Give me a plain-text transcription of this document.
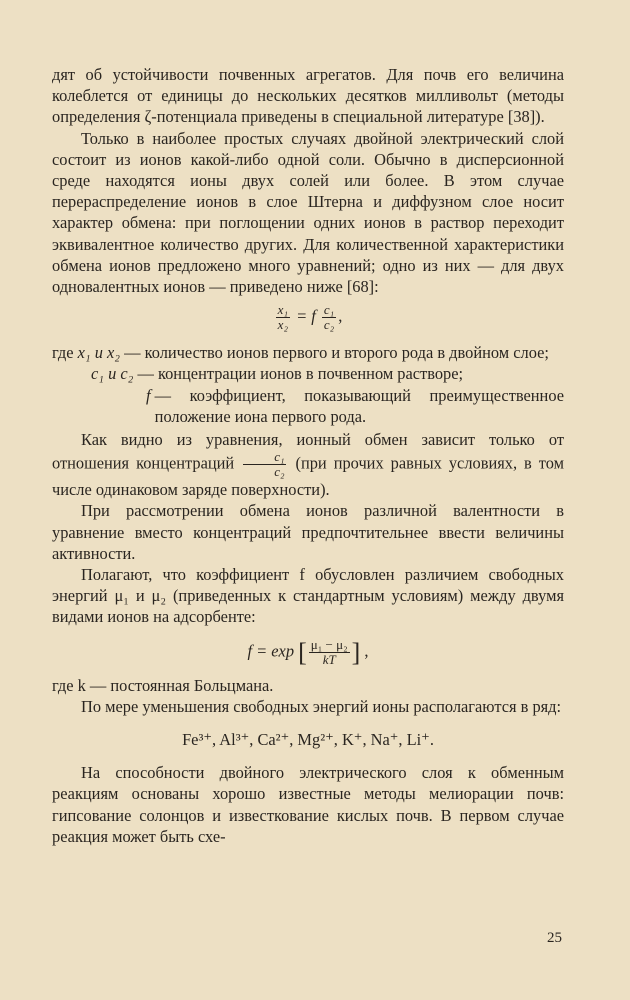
дят об устойчивости почвенных агрегатов. Для почв его величина колеблется от единицы до нескольких десятков милливольт (методы определения ζ-потенциала приведены в специальной литературе [38]).

Только в наиболее простых случаях двойной электрический слой состоит из ионов какой-либо одной соли. Обычно в дисперсионной среде находятся ионы двух солей или более. В этом случае перераспределение ионов в слое Штерна и диффузном слое носит характер обмена: при поглощении одних ионов в раствор переходит эквивалентное количество других. Для количественной характеристики обмена ионов предложено много уравнений; одно из них — для двух одновалентных ионов — приведено ниже [68]:

$\frac{\text{x₁}}{\text{x₂}} = f \frac{\text{c₁}}{\text{c₂}}$ ,
где x₁ и x₂ — количество ионов первого и второго рода в двойном слое;
c₁ и c₂ — концентрации ионов в почвенном растворе;
f — коэффициент, показывающий преимущественное положение иона первого рода.

Как видно из уравнения, ионный обмен зависит только от отношения концентраций $\frac{\text{c₁}}{\text{c₂}} (при$ прочих равных условиях, в том числе одинаковом заряде поверхности).

При рассмотрении обмена ионов различной валентности в уравнение вместо концентраций предпочтительнее ввести величины активности.

Полагают, что коэффициент f обусловлен различием свободных энергий μ₁ и μ₂ (приведенных к стандартным условиям) между двумя видами ионов на адсорбенте:

f = exp [ $\frac{\text{μ₁ − μ₂}}{kT}$ ] ,

где k — постоянная Больцмана.

По мере уменьшения свободных энергий ионы располагаются в ряд:

Fe³⁺, Al³⁺, Ca²⁺, Mg²⁺, K⁺, Na⁺, Li⁺.

На способности двойного электрического слоя к обменным реакциям основаны хорошо известные методы мелиорации почв: гипсование солонцов и известкование кислых почв. В первом случае реакция может быть схе-

25
